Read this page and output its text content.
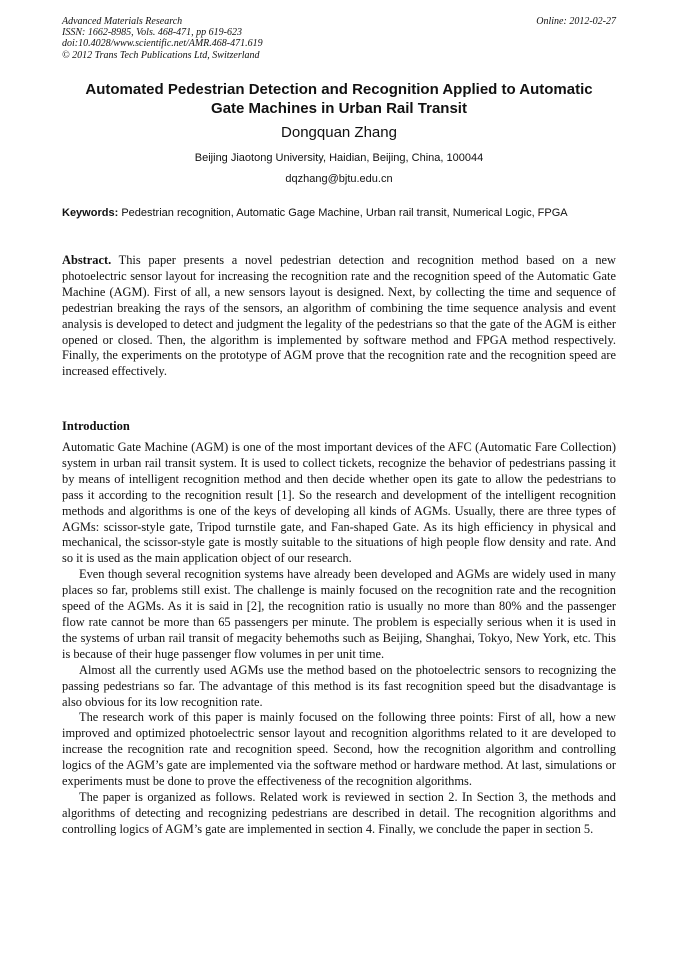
Advanced Materials Research
ISSN: 1662-8985, Vols. 468-471, pp 619-623
doi:10.4028/www.scientific.net/AMR.468-471.619
© 2012 Trans Tech Publications Ltd, Switzerland
Online: 2012-02-27
Automated Pedestrian Detection and Recognition Applied to Automatic
Gate Machines in Urban Rail Transit
Dongquan Zhang
Beijing Jiaotong University, Haidian, Beijing, China, 100044
dqzhang@bjtu.edu.cn
Keywords: Pedestrian recognition, Automatic Gage Machine, Urban rail transit, Numerical Logic, FPGA
Abstract. This paper presents a novel pedestrian detection and recognition method based on a new photoelectric sensor layout for increasing the recognition rate and the recognition speed of the Automatic Gate Machine (AGM). First of all, a new sensors layout is designed. Next, by collecting the time and sequence of pedestrian breaking the rays of the sensors, an algorithm of combining the time sequence analysis and event analysis is developed to detect and judgment the legality of the pedestrians so that the gate of the AGM is either opened or closed. Then, the algorithm is implemented by software method and FPGA method respectively. Finally, the experiments on the prototype of AGM prove that the recognition rate and the recognition speed are increased effectively.
Introduction

Automatic Gate Machine (AGM) is one of the most important devices of the AFC (Automatic Fare Collection) system in urban rail transit system. It is used to collect tickets, recognize the behavior of pedestrians passing it by means of intelligent recognition method and then decide whether open its gate to allow the pedestrians to pass it according to the recognition result [1]. So the research and development of the intelligent recognition methods and algorithms is one of the keys of developing all kinds of AGMs. Usually, there are three types of AGMs: scissor-style gate, Tripod turnstile gate, and Fan-shaped Gate. As its high efficiency in physical and mechanical, the scissor-style gate is mostly suitable to the situations of high people flow density and rate. And so it is used as the main application object of our research.

Even though several recognition systems have already been developed and AGMs are widely used in many places so far, problems still exist. The challenge is mainly focused on the recognition rate and the recognition speed of the AGMs. As it is said in [2], the recognition ratio is usually no more than 80% and the passenger flow rate cannot be more than 65 passengers per minute. The problem is especially serious when it is used in the systems of urban rail transit of megacity behemoths such as Beijing, Shanghai, Tokyo, New York, etc. This is because of their huge passenger flow volumes in per unit time.

Almost all the currently used AGMs use the method based on the photoelectric sensors to recognizing the passing pedestrians so far. The advantage of this method is its fast recognition speed but the disadvantage is also obvious for its low recognition rate.

The research work of this paper is mainly focused on the following three points: First of all, how a new improved and optimized photoelectric sensor layout and recognition algorithms related to it are developed to increase the recognition rate and recognition speed. Second, how the recognition algorithm and controlling logics of the AGM’s gate are implemented via the software method or hardware method. At last, simulations or experiments must be done to prove the effectiveness of the recognition algorithms.

The paper is organized as follows. Related work is reviewed in section 2. In Section 3, the methods and algorithms of detecting and recognizing pedestrians are described in detail. The recognition algorithms and controlling logics of AGM’s gate are implemented in section 4. Finally, we conclude the paper in section 5.
